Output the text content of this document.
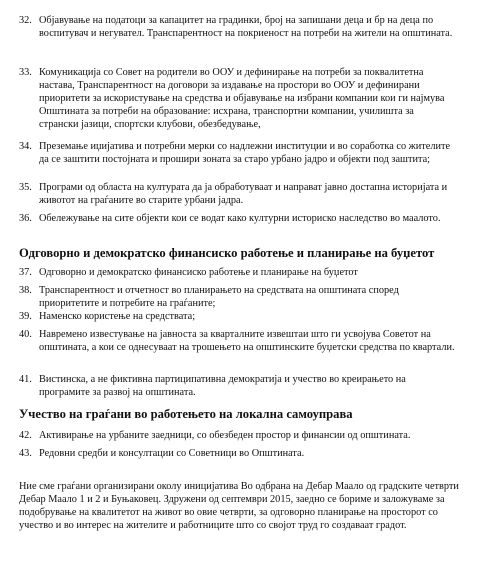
32. Објавување на податоци за капацитет на градинки, број на запишани деца и бр на деца по воспитувач и негувател. Транспарентност на покриеност на потреби на жители на општината.
33. Комуникација со Совет на родители во ООУ и дефинирање на потреби за поквалитетна настава, Транспарентност на договори за издавање на простори во ООУ и дефинирани приоритети за искористување на средства и објавување на избрани компании кои ги најмува Општината за потреби на образование: исхрана, транспортни компании, училишта за странски јазици, спортски клубови, обезбедување,
34. Преземање иџијативa и потребни мерки со надлежни институции и во соработка со жителите да се заштити постојната и прошири зоната за старо урбано јадро и објекти под заштита;
35. Програми од областа на културата да ја обработуваат и направат јавно достапна историјата и животот на граѓаните во старите урбани јадра.
36. Обележување на сите објекти кои се водат како културни историско наследство во маалото.
Одговорно и демократско финансиско работење и планирање на буџетот
37. Одговорно и демократско финансиско работење и планирање на буџетот
38. Транспарентност и отчетност во планирањето на средствата на општината според приоритетите и потребите на граѓаните;
39. Наменско користење на средствата;
40. Навремено известување на јавноста за кварталните извештаи што ги усвојува Советот на општината, а кои се однесуваат на трошењето на општинските буџетски средства по квартали.
41. Вистинска, а не фиктивна партиципативна демократија и учество во креирањето на програмите за развој на општината.
Учество на граѓани во работењето на локална самоуправа
42. Активирање на урбаните заедници, со обезбеден простор и финансии од општината.
43. Редовни средби и консултации со Советници во Општината.
Ние сме граѓани организирани околу иницијатива Во одбрана на Дебар Маало од градските четврти Дебар Маало 1 и 2 и Буњаковец. Здружени од септември 2015, заедно се бориме и заложуваме за подобрување на квалитетот на живот во овие четврти, за одговорно планирање на просторот со учество и во интерес на жителите и работниците што со својот труд го создаваат градот.
